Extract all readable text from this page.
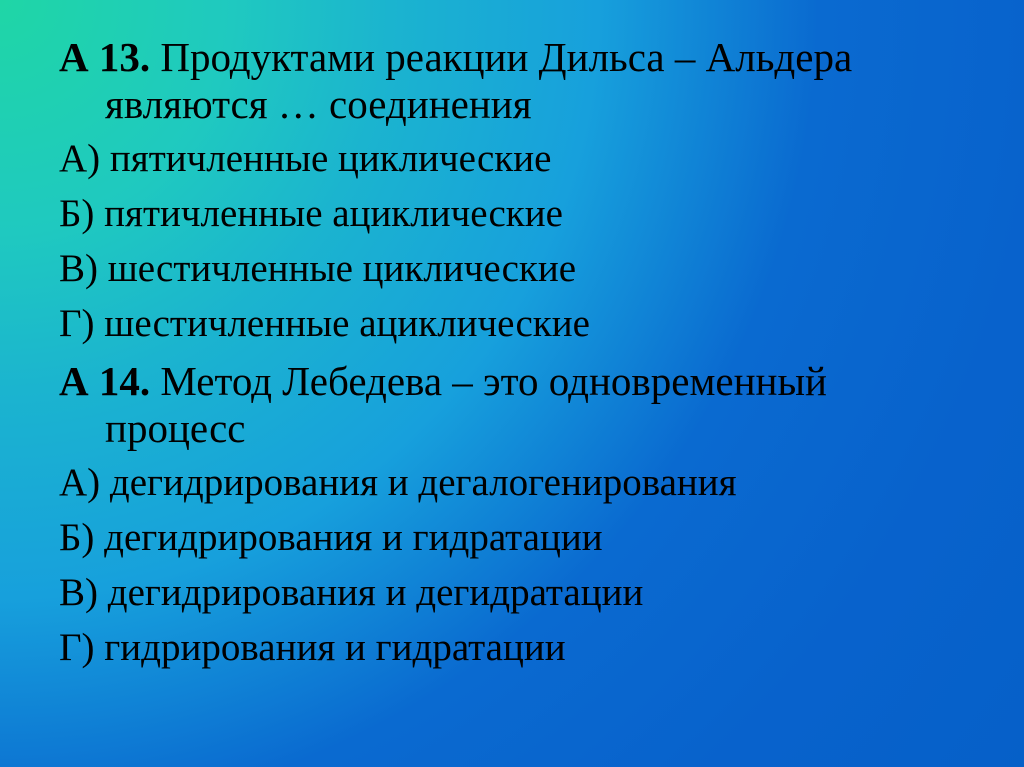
А 13. Продуктами реакции Дильса – Альдера являются … соединения

А) пятичленные циклические

Б) пятичленные ациклические

В) шестичленные циклические

Г) шестичленные ациклические

А 14. Метод Лебедева – это одновременный процесс

А) дегидрирования и дегалогенирования

Б) дегидрирования и гидратации

В) дегидрирования и дегидратации

Г) гидрирования и гидратации
